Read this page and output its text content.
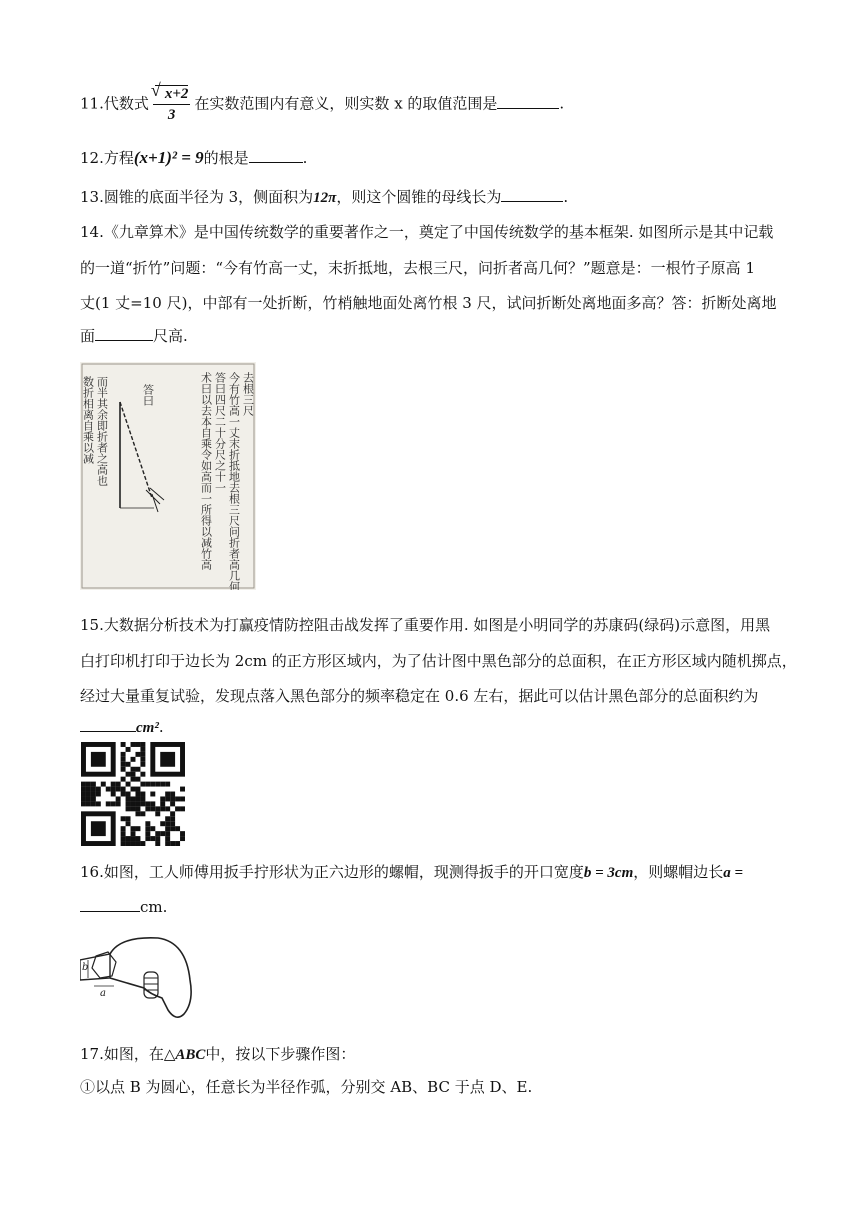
11.代数式
√ $\frac{x+2}{3}$ 在实数范围内有意义，则实数 x 的取值范围是	.
12.方程(x+1)² = 9的根是	.
13.圆锥的底面半径为 3，侧面积为12π，则这个圆锥的母线长为	.
14.《九章算术》是中国传统数学的重要著作之一，奠定了中国传统数学的基本框架. 如图所示是其中记载
的一道“折竹”问题：“今有竹高一丈，末折抵地，去根三尺，问折者高几何？”题意是：一根竹子原高 1
丈(1 丈=10 尺)，中部有一处折断，竹梢触地面处离竹根 3 尺，试问折断处离地面多高？答：折断处离地
面	尺高.
数折相离自乘以减 而半其余即折者之高也	答曰	术曰以去本自乘令如高而一所得以减竹高 答曰四尺二十分尺之十一 今有竹高一丈末折抵地去根三尺问折者高几何 去根三尺
15.大数据分析技术为打赢疫情防控阻击战发挥了重要作用. 如图是小明同学的苏康码(绿码)示意图，用黑
白打印机打印于边长为 2cm 的正方形区域内，为了估计图中黑色部分的总面积，在正方形区域内随机掷点，
经过大量重复试验，发现点落入黑色部分的频率稳定在 0.6 左右，据此可以估计黑色部分的总面积约为
cm².
16.如图，工人师傅用扳手拧形状为正六边形的螺帽，现测得扳手的开口宽度b = 3cm，则螺帽边长a =
cm.
b
a
17.如图，在△ABC中，按以下步骤作图：
①以点 B 为圆心，任意长为半径作弧，分别交 AB、BC 于点 D、E.
